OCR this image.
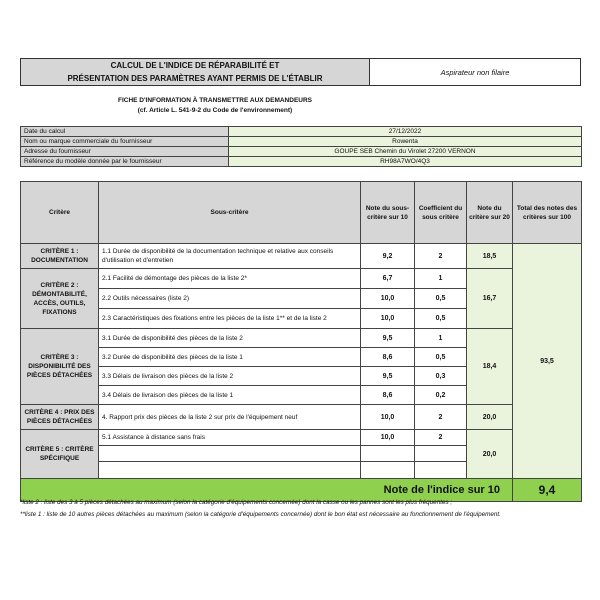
CALCUL DE L'INDICE DE RÉPARABILITÉ ET
PRÉSENTATION DES PARAMÈTRES AYANT PERMIS DE L'ÉTABLIR
Aspirateur non filaire
FICHE D'INFORMATION À TRANSMETTRE AUX DEMANDEURS
(cf. Article L. 541-9-2 du Code de l'environnement)
Date du calcul	27/12/2022
Nom ou marque commerciale du fournisseur	Rowenta
Adresse du fournisseur	GOUPE SEB Chemin du Virolet 27200 VERNON
Référence du modèle donnée par le fournisseur	RH98A7WO/4Q3
Critère	Sous-critère	Note du sous-critère sur 10	Coefficient du sous critère	Note du critère sur 20	Total des notes des critères sur 100
CRITÈRE 1 : DOCUMENTATION	1.1 Durée de disponibilité de la documentation technique et relative aux conseils d'utilisation et d'entretien	9,2	2	18,5	93,5
CRITÈRE 2 : DÉMONTABILITÉ, ACCÈS, OUTILS, FIXATIONS	2.1 Facilité de démontage des pièces de la liste 2*	6,7	1	16,7	
	2.2 Outils nécessaires (liste 2)	10,0	0,5		
	2.3 Caractéristiques des fixations entre les pièces de la liste 1** et de la liste 2	10,0	0,5		
CRITÈRE 3 : DISPONIBILITÉ DES PIÈCES DÉTACHÉES	3.1 Durée de disponibilité des pièces de la liste 2	9,5	1	18,4	
	3.2 Durée de disponibilité des pièces de la liste 1	8,6	0,5		
	3.3 Délais de livraison des pièces de la liste 2	9,5	0,3		
	3.4 Délais de livraison des pièces de la liste 1	8,6	0,2		
CRITÈRE 4 : PRIX DES PIÈCES DÉTACHÉES	4. Rapport prix des pièces de la liste 2 sur prix de l'équipement neuf	10,0	2	20,0	
CRITÈRE 5 : CRITÈRE SPÉCIFIQUE	5.1 Assistance à distance sans frais	10,0	2	20,0	
Note de l'indice sur 10					9,4
*liste 2 : liste des 3 à 5 pièces détachées au maximum (selon la catégorie d'équipements concernée) dont la casse ou les pannes sont les plus fréquentes ;
**liste 1 : liste de 10 autres pièces détachées au maximum (selon la catégorie d'équipements concernée) dont le bon état est nécessaire au fonctionnement de l'équipement.
